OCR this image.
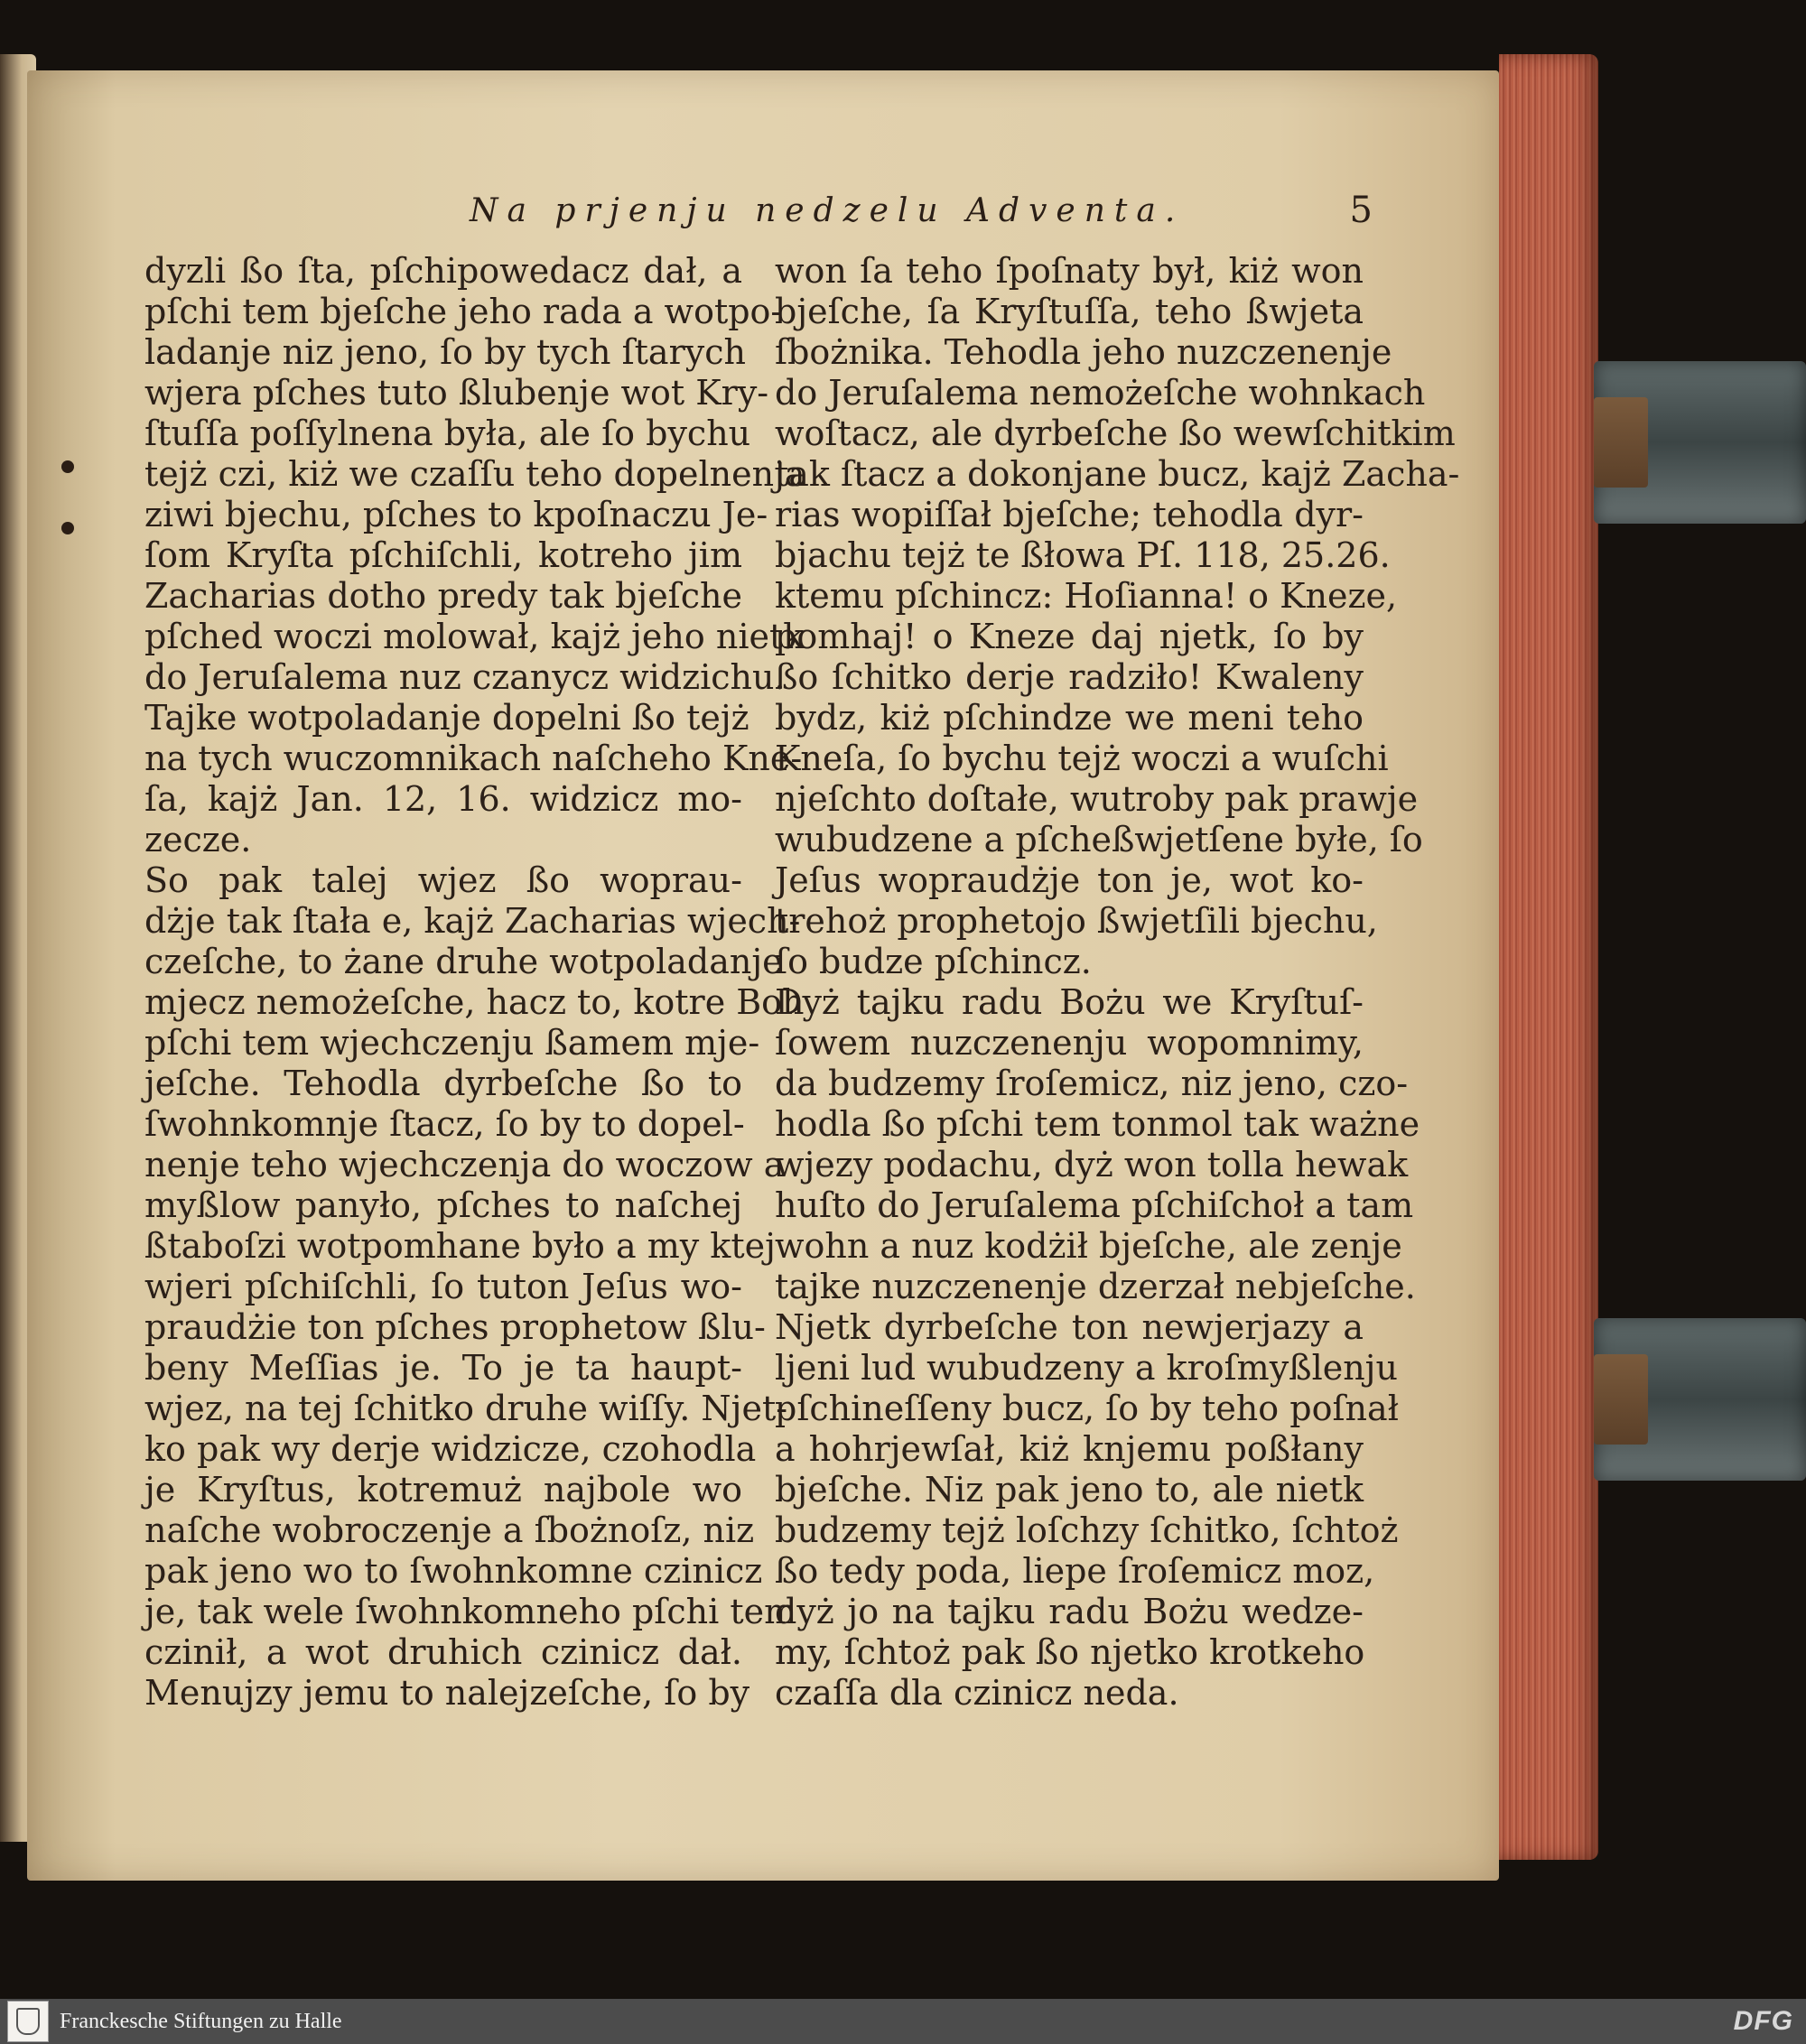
Na prjenju nedzelu Adventa.	5
dyzli ßo ſta, pſchipowedacz dał, a
pſchi tem bjeſche jeho rada a wotpo-
ladanje niz jeno, ſo by tych ſtarych
wjera pſches tuto ßlubenje wot Kry-
ſtuſſa poſſylnena była, ale ſo bychu
tejż czi, kiż we czaſſu teho dopelnenja
ziwi bjechu, pſches to kpoſnaczu Je-
ſom Kryſta pſchiſchli, kotreho jim
Zacharias dotho predy tak bjeſche
pſched woczi molował, kajż jeho nietk
do Jeruſalema nuz czanycz widzichu.
Tajke wotpoladanje dopelni ßo tejż
na tych wuczomnikach naſcheho Kne-
ſa, kajż Jan. 12, 16. widzicz mo-
zecze.
So pak talej wjez ßo woprau-
dżje tak ſtała e, kajż Zacharias wjech-
czeſche, to żane druhe wotpoladanje
mjecz nemożeſche, hacz to, kotre Boh
pſchi tem wjechczenju ßamem mje-
jeſche. Tehodla dyrbeſche ßo to
ſwohnkomnje ſtacz, ſo by to dopel-
nenje teho wjechczenja do woczow a
myßlow panyło, pſches to naſchej
ßtaboſzi wotpomhane było a my ktej
wjeri pſchiſchli, ſo tuton Jeſus wo-
praudżie ton pſches prophetow ßlu-
beny Meſſias je. To je ta haupt-
wjez, na tej ſchitko druhe wiſſy. Njet-
ko pak wy derje widzicze, czohodla
je Kryſtus, kotremuż najbole wo
naſche wobroczenje a ſbożnoſz, niz
pak jeno wo to ſwohnkomne czinicz
je, tak wele ſwohnkomneho pſchi tem
czinił, a wot druhich czinicz dał.
Menujzy jemu to nalejzeſche, ſo by
won ſa teho ſpoſnaty był, kiż won
bjeſche, ſa Kryſtuſſa, teho ßwjeta
ſbożnika. Tehodla jeho nuzczenenje
do Jeruſalema nemożeſche wohnkach
woſtacz, ale dyrbeſche ßo wewſchitkim
tak ſtacz a dokonjane bucz, kajż Zacha-
rias wopiſſał bjeſche; tehodla dyr-
bjachu tejż te ßłowa Pſ. 118, 25.26.
ktemu pſchincz: Hoſianna! o Kneze,
pomhaj! o Kneze daj njetk, ſo by
ßo ſchitko derje radziło! Kwaleny
bydz, kiż pſchindze we meni teho
Kneſa, ſo bychu tejż woczi a wuſchi
njeſchto doſtałe, wutroby pak prawje
wubudzene a pſcheßwjetſene byłe, ſo
Jeſus wopraudżje ton je, wot ko-
trehoż prophetojo ßwjetſili bjechu,
ſo budze pſchincz.
Dyż tajku radu Bożu we Kryſtuſ-
ſowem nuzczenenju wopomnimy,
da budzemy ſroſemicz, niz jeno, czo-
hodla ßo pſchi tem tonmol tak ważne
wjezy podachu, dyż won tolla hewak
huſto do Jeruſalema pſchiſchoł a tam
wohn a nuz kodżił bjeſche, ale zenje
tajke nuzczenenje dzerzał nebjeſche.
Njetk dyrbeſche ton newjerjazy a
ljeni lud wubudzeny a kroſmyßlenju
pſchineſſeny bucz, ſo by teho poſnał
a hohrjewſał, kiż knjemu poßłany
bjeſche. Niz pak jeno to, ale nietk
budzemy tejż loſchzy ſchitko, ſchtoż
ßo tedy poda, liepe ſroſemicz moz,
dyż jo na tajku radu Bożu wedze-
my, ſchtoż pak ßo njetko krotkeho
czaſſa dla czinicz neda.
Franckesche Stiftungen zu Halle	DFG
